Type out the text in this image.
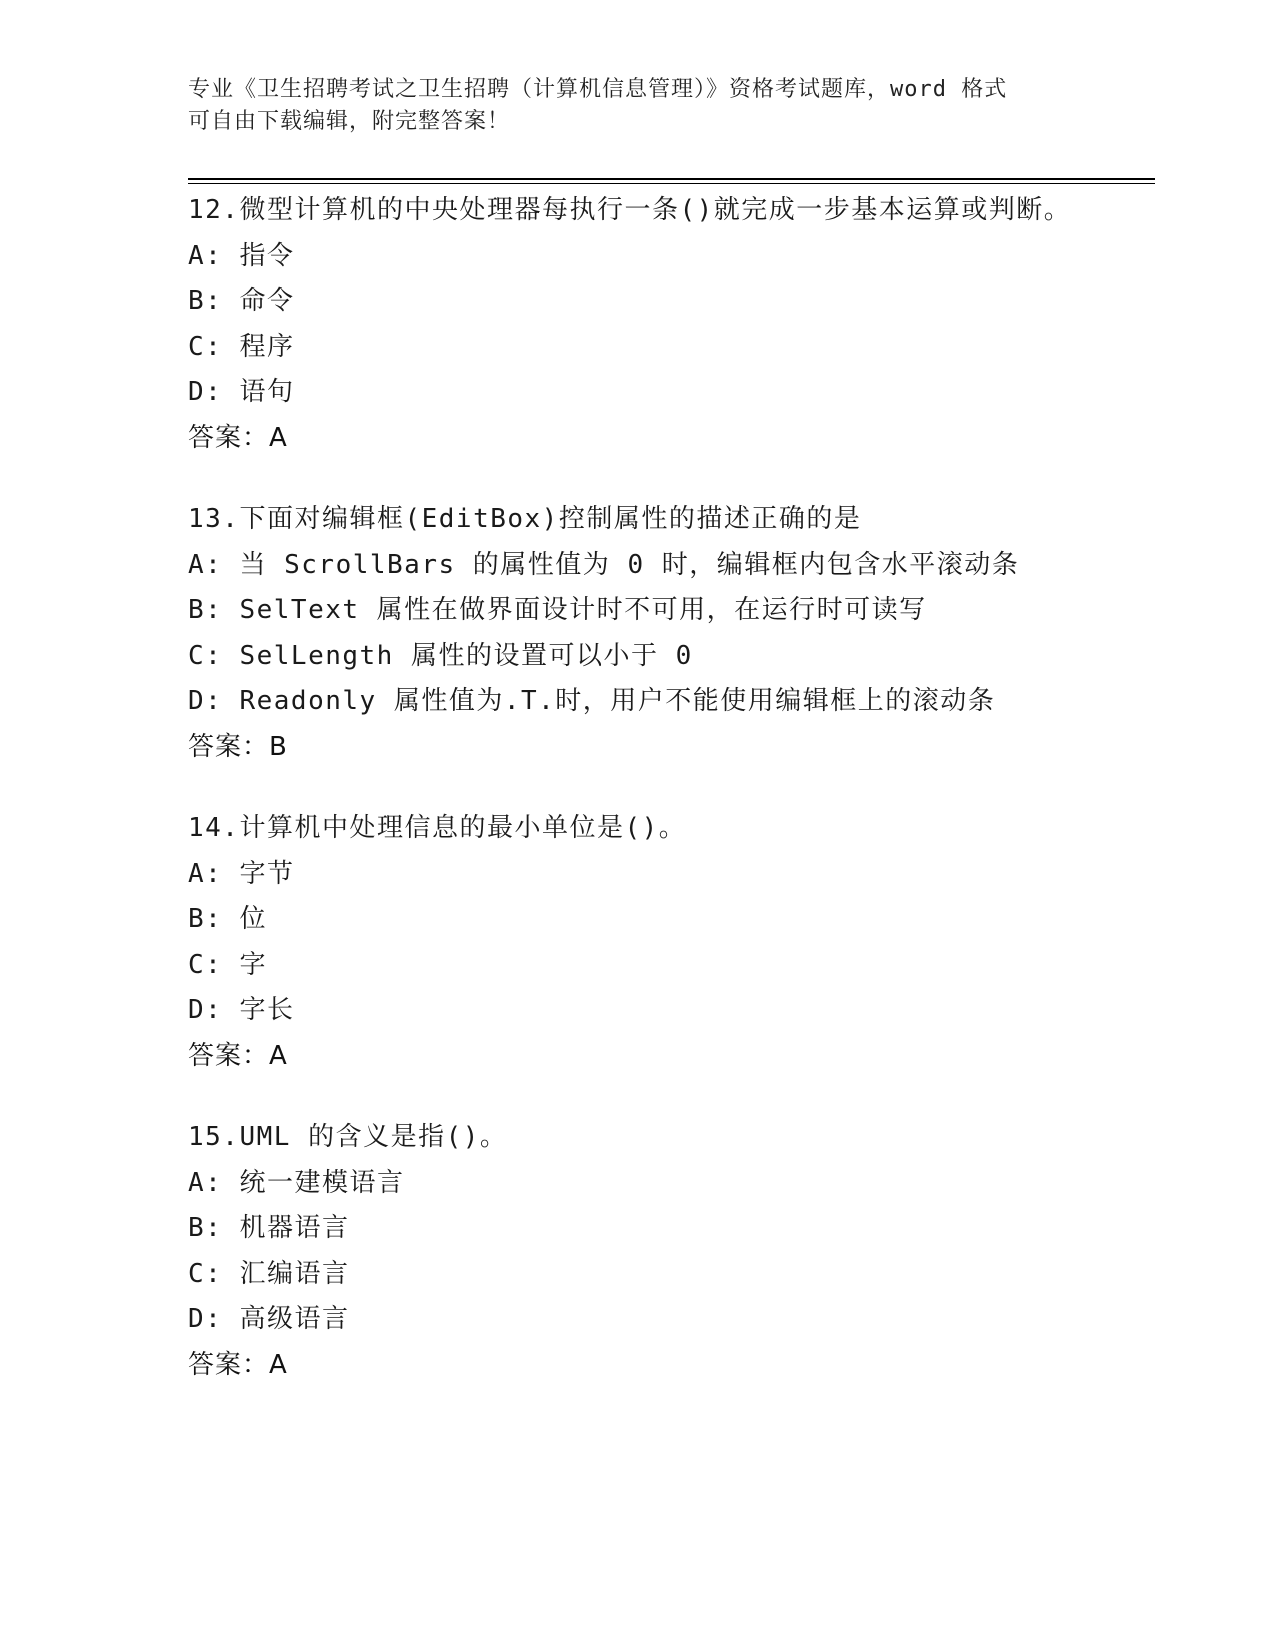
专业《卫生招聘考试之卫生招聘（计算机信息管理）》资格考试题库，word 格式

可自由下载编辑，附完整答案！

12.微型计算机的中央处理器每执行一条()就完成一步基本运算或判断。

A: 指令

B: 命令

C: 程序

D: 语句

答案：A

13.下面对编辑框(EditBox)控制属性的描述正确的是

A: 当 ScrollBars 的属性值为 0 时，编辑框内包含水平滚动条

B: SelText 属性在做界面设计时不可用，在运行时可读写

C: SelLength 属性的设置可以小于 0

D: Readonly 属性值为.T.时，用户不能使用编辑框上的滚动条

答案：B

14.计算机中处理信息的最小单位是()。

A: 字节

B: 位

C: 字

D: 字长

答案：A

15.UML 的含义是指()。

A: 统一建模语言

B: 机器语言

C: 汇编语言

D: 高级语言

答案：A
